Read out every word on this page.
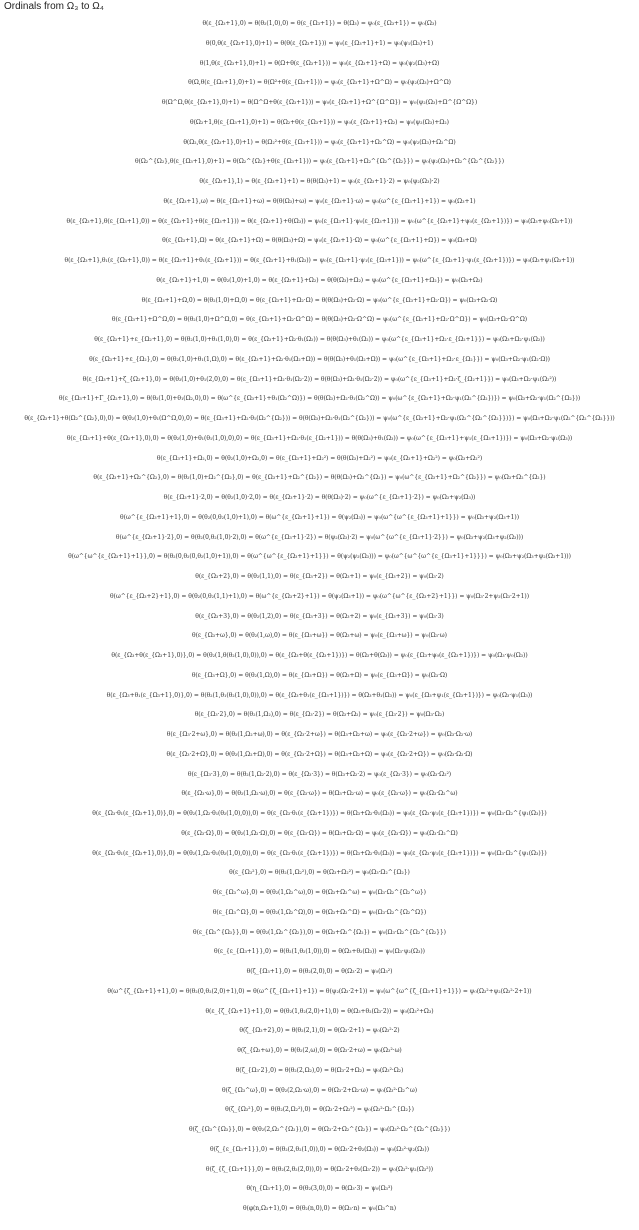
Ordinals from Ω₃ to Ω₄
θ(ε_{Ω₃+1},0) = θ(θ₂(1,0),0) = θ(ε_{Ω₃+1}) = θ(Ω₃) = ψ₀(ε_{Ω₃+1}) = ψ₀(Ω₃)
θ(0,θ(ε_{Ω₃+1},0)+1) = θ(θ(ε_{Ω₃+1})) = ψ₀(ε_{Ω₃+1}+1) = ψ₀(ψ₁(Ω₃)+1)
θ(1,θ(ε_{Ω₃+1},0)+1) = θ(Ω+θ(ε_{Ω₃+1})) = ψ₀(ε_{Ω₃+1}+Ω) = ψ₀(ψ₂(Ω₃)+Ω)
θ(Ω,θ(ε_{Ω₃+1},0)+1) = θ(Ω²+θ(ε_{Ω₃+1})) = ψ₀(ε_{Ω₃+1}+Ω^Ω) = ψ₀(ψ₂(Ω₃)+Ω^Ω)
θ(Ω^Ω,θ(ε_{Ω₃+1},0)+1) = θ(Ω^Ω+θ(ε_{Ω₃+1})) = ψ₀(ε_{Ω₃+1}+Ω^{Ω^Ω}) = ψ₀(ψ₂(Ω₃)+Ω^{Ω^Ω})
θ(Ω₂+1,θ(ε_{Ω₃+1},0)+1) = θ(Ω₂+θ(ε_{Ω₃+1})) = ψ₀(ε_{Ω₃+1}+Ω₂) = ψ₀(ψ₂(Ω₃)+Ω₂)
θ(Ω₂,θ(ε_{Ω₃+1},0)+1) = θ(Ω₂²+θ(ε_{Ω₃+1})) = ψ₀(ε_{Ω₃+1}+Ω₂^Ω) = ψ₀(ψ₂(Ω₃)+Ω₂^Ω)
θ(Ω₂^{Ω₂},θ(ε_{Ω₃+1},0)+1) = θ(Ω₂^{Ω₂}+θ(ε_{Ω₃+1})) = ψ₀(ε_{Ω₃+1}+Ω₂^{Ω₂^{Ω₂}}) = ψ₀(ψ₂(Ω₃)+Ω₂^{Ω₂^{Ω₂}})
θ(ε_{Ω₃+1},1) = θ(ε_{Ω₃+1}+1) = θ(θ(Ω₃)+1) = ψ₀(ε_{Ω₃+1}·2) = ψ₀(ψ₂(Ω₃)·2)
θ(ε_{Ω₃+1},ω) = θ(ε_{Ω₃+1}+ω) = θ(θ(Ω₃)+ω) = ψ₀(ε_{Ω₃+1}·ω) = ψ₀(ω^{ε_{Ω₃+1}+1}) = ψ₀(Ω₃+1)
θ(ε_{Ω₃+1},θ(ε_{Ω₃+1},0)) = θ(ε_{Ω₃+1}+θ(ε_{Ω₃+1})) = θ(ε_{Ω₃+1}+θ(Ω₃)) = ψ₀(ε_{Ω₃+1}·ψ₀(ε_{Ω₃+1})) = ψ₀(ω^{ε_{Ω₃+1}+ψ₀(ε_{Ω₃+1})}) = ψ₀(Ω₃+ψ₀(Ω₃+1))
θ(ε_{Ω₃+1},Ω) = θ(ε_{Ω₃+1}+Ω) = θ(θ(Ω₃)+Ω) = ψ₀(ε_{Ω₃+1}·Ω) = ψ₀(ω^{ε_{Ω₃+1}+Ω}) = ψ₀(Ω₃+Ω)
θ(ε_{Ω₃+1},θ₁(ε_{Ω₃+1},0)) = θ(ε_{Ω₃+1}+θ₁(ε_{Ω₃+1})) = θ(ε_{Ω₃+1}+θ₁(Ω₃)) = ψ₀(ε_{Ω₃+1}·ψ₁(ε_{Ω₃+1})) = ψ₀(ω^{ε_{Ω₃+1}·ψ₁(ε_{Ω₃+1})}) = ψ₀(Ω₃+ψ₁(Ω₃+1))
θ(ε_{Ω₃+1}+1,0) = θ(θ₂(1,0)+1,0) = θ(ε_{Ω₃+1}+Ω₂) = θ(θ(Ω₃)+Ω₂) = ψ₀(ω^{ε_{Ω₃+1}+Ω₂}) = ψ₀(Ω₃+Ω₂)
θ(ε_{Ω₃+1}+Ω,0) = θ(θ₂(1,0)+Ω,0) = θ(ε_{Ω₃+1}+Ω₂·Ω) = θ(θ(Ω₃)+Ω₂·Ω) = ψ₀(ω^{ε_{Ω₃+1}+Ω₂·Ω}) = ψ₀(Ω₃+Ω₂·Ω)
θ(ε_{Ω₃+1}+Ω^Ω,0) = θ(θ₂(1,0)+Ω^Ω,0) = θ(ε_{Ω₃+1}+Ω₂·Ω^Ω) = θ(θ(Ω₃)+Ω₂·Ω^Ω) = ψ₀(ω^{ε_{Ω₃+1}+Ω₂·Ω^Ω}) = ψ₀(Ω₃+Ω₂·Ω^Ω)
θ(ε_{Ω₃+1}+ε_{Ω₂+1},0) = θ(θ₂(1,0)+θ₁(1,0),0) = θ(ε_{Ω₃+1}+Ω₂·θ₁(Ω₂)) = θ(θ(Ω₃)+θ₁(Ω₂)) = ψ₀(ω^{ε_{Ω₃+1}+Ω₂·ε_{Ω₂+1}}) = ψ₀(Ω₃+Ω₂·ψ₁(Ω₂))
θ(ε_{Ω₃+1}+ε_{Ω₂},0) = θ(θ₂(1,0)+θ₁(1,Ω),0) = θ(ε_{Ω₃+1}+Ω₂·θ₁(Ω₂+Ω)) = θ(θ(Ω₃)+θ₁(Ω₂+Ω)) = ψ₀(ω^{ε_{Ω₃+1}+Ω₂·ε_{Ω₂}}) = ψ₀(Ω₃+Ω₂·ψ₁(Ω₂·Ω))
θ(ε_{Ω₃+1}+ζ_{Ω₂+1},0) = θ(θ₂(1,0)+θ₁(2,0),0) = θ(ε_{Ω₃+1}+Ω₂·θ₁(Ω₂·2)) = θ(θ(Ω₃)+Ω₂·θ₁(Ω₂·2)) = ψ₀(ω^{ε_{Ω₃+1}+Ω₂·ζ_{Ω₂+1}}) = ψ₀(Ω₃+Ω₂·ψ₁(Ω₂²))
θ(ε_{Ω₃+1}+Γ_{Ω₂+1},0) = θ(θ₂(1,0)+θ₁(Ω₂,0),0) = θ(ω^{ε_{Ω₃+1}+θ₁(Ω₂^Ω)}) = θ(θ(Ω₃)+Ω₂·θ₁(Ω₂^Ω)) = ψ₀(ω^{ε_{Ω₃+1}+Ω₂·ψ₁(Ω₂^{Ω₂})}) = ψ₀(Ω₃+Ω₂·ψ₁(Ω₂^{Ω₂}))
θ(ε_{Ω₃+1}+θ(Ω₂^{Ω₂},0),0) = θ(θ₂(1,0)+θ₁(Ω^Ω,0),0) = θ(ε_{Ω₃+1}+Ω₂·θ₁(Ω₂^{Ω₂})) = θ(θ(Ω₃)+Ω₂·θ₁(Ω₂^{Ω₂})) = ψ₀(ω^{ε_{Ω₃+1}+Ω₂·ψ₁(Ω₂^{Ω₂^{Ω₂}})}) = ψ₀(Ω₃+Ω₂·ψ₁(Ω₂^{Ω₂^{Ω₂}}))
θ(ε_{Ω₃+1}+θ(ε_{Ω₂+1},0),0) = θ(θ₂(1,0)+θ₁(θ₁(1,0),0),0) = θ(ε_{Ω₃+1}+Ω₂·θ₁(ε_{Ω₂+1})) = θ(θ(Ω₃)+θ₁(Ω₃)) = ψ₀(ω^{ε_{Ω₃+1}+ψ₁(ε_{Ω₃+1})}) = ψ₀(Ω₃+Ω₂·ψ₁(Ω₃))
θ(ε_{Ω₃+1}+Ω₂,0) = θ(θ₂(1,0)+Ω₂,0) = θ(ε_{Ω₃+1}+Ω₂²) = θ(θ(Ω₃)+Ω₂²) = ψ₀(ε_{Ω₃+1}+Ω₂²) = ψ₀(Ω₃+Ω₂²)
θ(ε_{Ω₃+1}+Ω₂^{Ω₂},0) = θ(θ₂(1,0)+Ω₂^{Ω₂},0) = θ(ε_{Ω₃+1}+Ω₂^{Ω₂}) = θ(θ(Ω₃)+Ω₂^{Ω₂}) = ψ₀(ω^{ε_{Ω₃+1}+Ω₂^{Ω₂}}) = ψ₀(Ω₃+Ω₂^{Ω₂})
θ(ε_{Ω₃+1}·2,0) = θ(θ₂(1,0)·2,0) = θ(ε_{Ω₃+1}·2) = θ(θ(Ω₃)·2) = ψ₀(ω^{ε_{Ω₃+1}·2}) = ψ₀(Ω₃+ψ₂(Ω₃))
θ(ω^{ε_{Ω₃+1}+1},0) = θ(θ₂(0,θ₂(1,0)+1),0) = θ(ω^{ε_{Ω₃+1}+1}) = θ(ψ₂(Ω₃)) = ψ₀(ω^{ω^{ε_{Ω₃+1}+1}}) = ψ₀(Ω₃+ψ₂(Ω₃+1))
θ(ω^{ε_{Ω₃+1}·2},0) = θ(θ₂(0,θ₂(1,0)·2),0) = θ(ω^{ε_{Ω₃+1}·2}) = θ(ψ₂(Ω₃)·2) = ψ₀(ω^{ω^{ε_{Ω₃+1}·2}}) = ψ₀(Ω₃+ψ₂(Ω₃+ψ₂(Ω₃)))
θ(ω^{ω^{ε_{Ω₃+1}+1}},0) = θ(θ₂(0,θ₂(0,θ₂(1,0)+1)),0) = θ(ω^{ω^{ε_{Ω₃+1}+1}}) = θ(ψ₂(ψ₂(Ω₃))) = ψ₀(ω^{ω^{ω^{ε_{Ω₃+1}+1}}}) = ψ₀(Ω₃+ψ₂(Ω₃+ψ₂(Ω₃+1)))
θ(ε_{Ω₃+2},0) = θ(θ₂(1,1),0) = θ(ε_{Ω₃+2}) = θ(Ω₃+1) = ψ₀(ε_{Ω₃+2}) = ψ₀(Ω₃·2)
θ(ω^{ε_{Ω₃+2}+1},0) = θ(θ₂(0,θ₂(1,1)+1),0) = θ(ω^{ε_{Ω₃+2}+1}) = θ(ψ₂(Ω₃+1)) = ψ₀(ω^{ω^{ε_{Ω₃+2}+1}}) = ψ₀(Ω₃·2+ψ₂(Ω₃·2+1))
θ(ε_{Ω₃+3},0) = θ(θ₂(1,2),0) = θ(ε_{Ω₃+3}) = θ(Ω₃+2) = ψ₀(ε_{Ω₃+3}) = ψ₀(Ω₃·3)
θ(ε_{Ω₃+ω},0) = θ(θ₂(1,ω),0) = θ(ε_{Ω₃+ω}) = θ(Ω₃+ω) = ψ₀(ε_{Ω₃+ω}) = ψ₀(Ω₃·ω)
θ(ε_{Ω₃+θ(ε_{Ω₃+1},0)},0) = θ(θ₂(1,θ(θ₂(1,0),0)),0) = θ(ε_{Ω₃+θ(ε_{Ω₃+1})}) = θ(Ω₃+θ(Ω₃)) = ψ₀(ε_{Ω₃+ψ₀(ε_{Ω₃+1})}) = ψ₀(Ω₃·ψ₀(Ω₃))
θ(ε_{Ω₃+Ω},0) = θ(θ₂(1,Ω),0) = θ(ε_{Ω₃+Ω}) = θ(Ω₃+Ω) = ψ₀(ε_{Ω₃+Ω}) = ψ₀(Ω₃·Ω)
θ(ε_{Ω₃+θ₁(ε_{Ω₃+1},0)},0) = θ(θ₂(1,θ₁(θ₂(1,0),0)),0) = θ(ε_{Ω₃+θ₁(ε_{Ω₃+1})}) = θ(Ω₃+θ₁(Ω₃)) = ψ₀(ε_{Ω₃+ψ₁(ε_{Ω₃+1})}) = ψ₀(Ω₃·ψ₁(Ω₃))
θ(ε_{Ω₃·2},0) = θ(θ₂(1,Ω₂),0) = θ(ε_{Ω₃·2}) = θ(Ω₃+Ω₂) = ψ₀(ε_{Ω₃·2}) = ψ₀(Ω₃·Ω₂)
θ(ε_{Ω₃·2+ω},0) = θ(θ₂(1,Ω₂+ω),0) = θ(ε_{Ω₃·2+ω}) = θ(Ω₃+Ω₂+ω) = ψ₀(ε_{Ω₃·2+ω}) = ψ₀(Ω₃·Ω₂·ω)
θ(ε_{Ω₃·2+Ω},0) = θ(θ₂(1,Ω₂+Ω),0) = θ(ε_{Ω₃·2+Ω}) = θ(Ω₃+Ω₂+Ω) = ψ₀(ε_{Ω₃·2+Ω}) = ψ₀(Ω₃·Ω₂·Ω)
θ(ε_{Ω₃·3},0) = θ(θ₂(1,Ω₂·2),0) = θ(ε_{Ω₃·3}) = θ(Ω₃+Ω₂·2) = ψ₀(ε_{Ω₃·3}) = ψ₀(Ω₃·Ω₂²)
θ(ε_{Ω₃·ω},0) = θ(θ₂(1,Ω₂·ω),0) = θ(ε_{Ω₃·ω}) = θ(Ω₃+Ω₂·ω) = ψ₀(ε_{Ω₃·ω}) = ψ₀(Ω₃·Ω₂^ω)
θ(ε_{Ω₃·θ₁(ε_{Ω₃+1},0)},0) = θ(θ₂(1,Ω₂·θ₁(θ₂(1,0),0)),0) = θ(ε_{Ω₃·θ₁(ε_{Ω₃+1})}) = θ(Ω₃+Ω₂·θ₁(Ω₃)) = ψ₀(ε_{Ω₃·ψ₁(ε_{Ω₃+1})}) = ψ₀(Ω₃·Ω₂^{ψ₁(Ω₃)})
θ(ε_{Ω₃·Ω},0) = θ(θ₂(1,Ω₂·Ω),0) = θ(ε_{Ω₃·Ω}) = θ(Ω₃+Ω₂·Ω) = ψ₀(ε_{Ω₃·Ω}) = ψ₀(Ω₃·Ω₂^Ω)
θ(ε_{Ω₃·θ₁(ε_{Ω₃+1},0)},0) = θ(θ₂(1,Ω₂·θ₁(θ₂(1,0),0)),0) = θ(ε_{Ω₃·θ₁(ε_{Ω₃+1})}) = θ(Ω₃+Ω₂·θ₁(Ω₃)) = ψ₀(ε_{Ω₃·ψ₁(ε_{Ω₃+1})}) = ψ₀(Ω₃·Ω₂^{ψ₁(Ω₃)})
θ(ε_{Ω₃²},0) = θ(θ₂(1,Ω₂²),0) = θ(Ω₃+Ω₂²) = ψ₀(Ω₃·Ω₂^{Ω₂})
θ(ε_{Ω₃^ω},0) = θ(θ₂(1,Ω₂^ω),0) = θ(Ω₃+Ω₂^ω) = ψ₀(Ω₃·Ω₂^{Ω₂^ω})
θ(ε_{Ω₃^Ω},0) = θ(θ₂(1,Ω₂^Ω),0) = θ(Ω₃+Ω₂^Ω) = ψ₀(Ω₃·Ω₂^{Ω₂^Ω})
θ(ε_{Ω₃^{Ω₃}},0) = θ(θ₂(1,Ω₂^{Ω₂}),0) = θ(Ω₃+Ω₂^{Ω₂}) = ψ₀(Ω₃·Ω₂^{Ω₂^{Ω₂}})
θ(ε_{ε_{Ω₃+1}},0) = θ(θ₂(1,θ₂(1,0)),0) = θ(Ω₃+θ₂(Ω₃)) = ψ₀(Ω₃·ψ₂(Ω₃))
θ(ζ_{Ω₃+1},0) = θ(θ₂(2,0),0) = θ(Ω₃·2) = ψ₀(Ω₃²)
θ(ω^{ζ_{Ω₃+1}+1},0) = θ(θ₂(0,θ₂(2,0)+1),0) = θ(ω^{ζ_{Ω₃+1}+1}) = θ(ψ₂(Ω₃·2+1)) = ψ₀(ω^{ω^{ζ_{Ω₃+1}+1}}) = ψ₀(Ω₃²+ψ₂(Ω₃²·2+1))
θ(ε_{ζ_{Ω₃+1}+1},0) = θ(θ₂(1,θ₂(2,0)+1),0) = θ(Ω₃+θ₂(Ω₃·2)) = ψ₀(Ω₃²+Ω₃)
θ(ζ_{Ω₃+2},0) = θ(θ₂(2,1),0) = θ(Ω₃·2+1) = ψ₀(Ω₃²·2)
θ(ζ_{Ω₃+ω},0) = θ(θ₂(2,ω),0) = θ(Ω₃·2+ω) = ψ₀(Ω₃²·ω)
θ(ζ_{Ω₃·2},0) = θ(θ₂(2,Ω₂),0) = θ(Ω₃·2+Ω₂) = ψ₀(Ω₃²·Ω₂)
θ(ζ_{Ω₃^ω},0) = θ(θ₂(2,Ω₂·ω),0) = θ(Ω₃·2+Ω₂·ω) = ψ₀(Ω₃²·Ω₂^ω)
θ(ζ_{Ω₃²},0) = θ(θ₂(2,Ω₂²),0) = θ(Ω₃·2+Ω₂²) = ψ₀(Ω₃²·Ω₂^{Ω₂})
θ(ζ_{Ω₃^{Ω₃}},0) = θ(θ₂(2,Ω₂^{Ω₂}),0) = θ(Ω₃·2+Ω₂^{Ω₂}) = ψ₀(Ω₃²·Ω₂^{Ω₂^{Ω₂}})
θ(ζ_{ε_{Ω₃+1}},0) = θ(θ₂(2,θ₂(1,0)),0) = θ(Ω₃·2+θ₂(Ω₃)) = ψ₀(Ω₃²·ψ₂(Ω₃))
θ(ζ_{ζ_{Ω₃+1}},0) = θ(θ₂(2,θ₂(2,0)),0) = θ(Ω₃·2+θ₂(Ω₃·2)) = ψ₀(Ω₃²·ψ₂(Ω₃²))
θ(η_{Ω₃+1},0) = θ(θ₂(3,0),0) = θ(Ω₃·3) = ψ₀(Ω₃³)
θ(φ(n,Ω₃+1),0) = θ(θ₂(n,0),0) = θ(Ω₃·n) = ψ₀(Ω₃^n)
